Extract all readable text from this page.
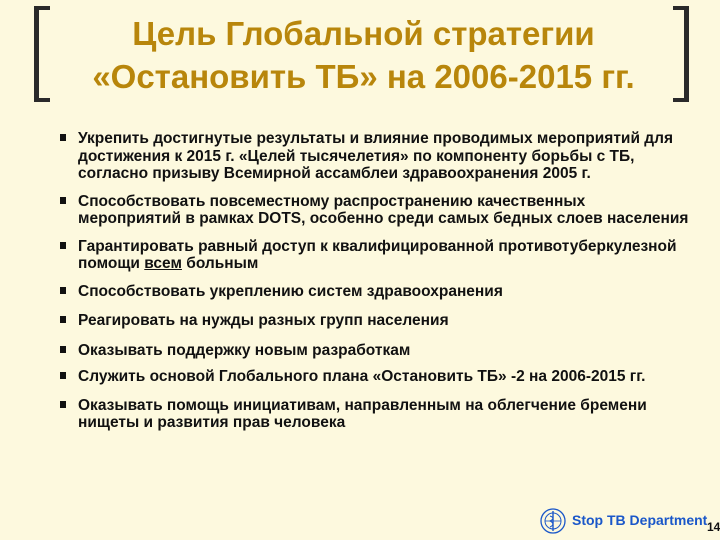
Цель Глобальной стратегии
«Остановить ТБ» на 2006-2015 гг.
Укрепить достигнутые результаты и влияние проводимых мероприятий для достижения к 2015 г. «Целей тысячелетия» по компоненту борьбы с ТБ, согласно призыву Всемирной ассамблеи здравоохранения 2005 г.
Способствовать повсеместному распространению качественных мероприятий в рамках DOTS, особенно среди самых бедных слоев населения
Гарантировать равный доступ к квалифицированной противотуберкулезной помощи всем больным
Способствовать укреплению систем здравоохранения
Реагировать на нужды разных групп населения
Оказывать поддержку новым разработкам
Служить основой Глобального плана «Остановить ТБ» -2 на 2006-2015 гг.
Оказывать помощь инициативам, направленным на облегчение бремени нищеты и развития прав человека
Stop TB Department 14
